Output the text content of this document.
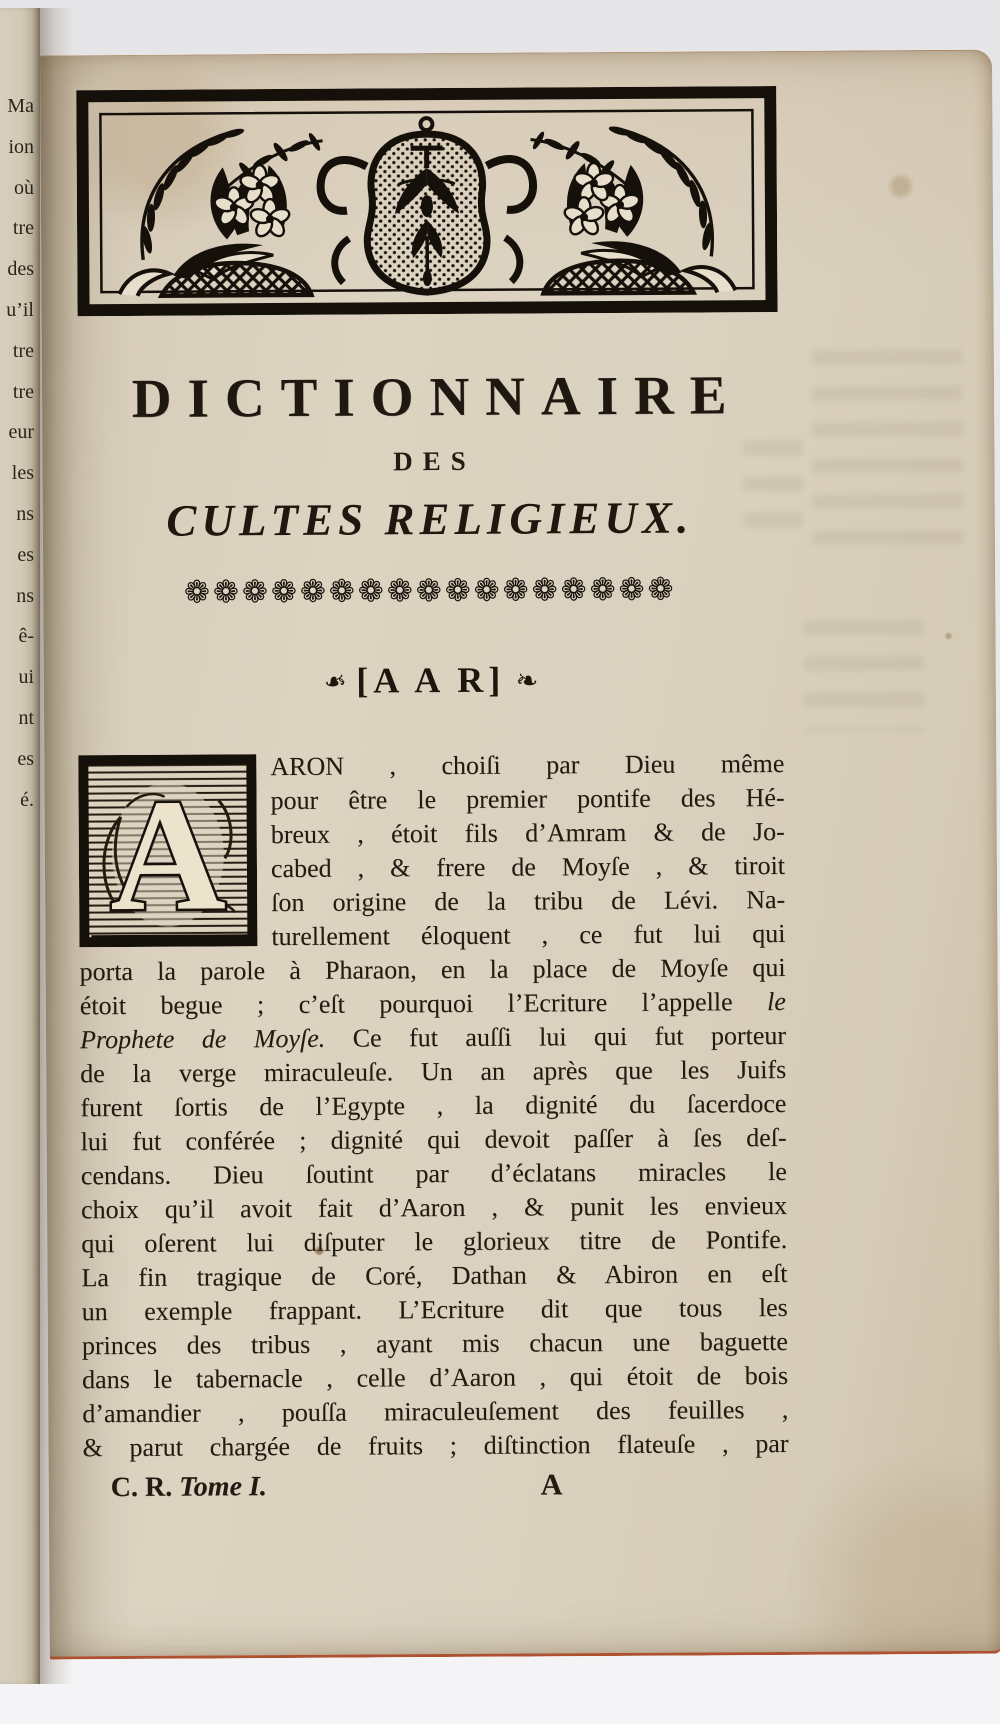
Ma
ion
où
tre
des
u’il
tre
tre
eur
les
ns
es
ns
ê-
ui
nt
es
é.
DICTIONNAIRE
DES
CULTES RELIGIEUX.
❁❁❁❁❁❁❁❁❁❁❁❁❁❁❁❁❁
❧ [A A R] ❧
A
ARON , choiſi par Dieu même
pour être le premier pontife des Hé-
breux , étoit fils d’Amram & de Jo-
cabed , & frere de Moyſe , & tiroit
ſon origine de la tribu de Lévi. Na-
turellement éloquent , ce fut lui qui
porta la parole à Pharaon, en la place de Moyſe qui
étoit begue ; c’eſt pourquoi l’Ecriture l’appelle le
Prophete de Moyſe. Ce fut auſſi lui qui fut porteur
de la verge miraculeuſe. Un an après que les Juifs
furent ſortis de l’Egypte , la dignité du ſacerdoce
lui fut conférée ; dignité qui devoit paſſer à ſes deſ-
cendans. Dieu ſoutint par d’éclatans miracles le
choix qu’il avoit fait d’Aaron , & punit les envieux
qui oſerent lui diſputer le glorieux titre de Pontife.
La fin tragique de Coré, Dathan & Abiron en eſt
un exemple frappant. L’Ecriture dit que tous les
princes des tribus , ayant mis chacun une baguette
dans le tabernacle , celle d’Aaron , qui étoit de bois
d’amandier , pouſſa miraculeuſement des feuilles ,
& parut chargée de fruits ; diſtinction flateuſe , par
C. R. Tome I.	A
